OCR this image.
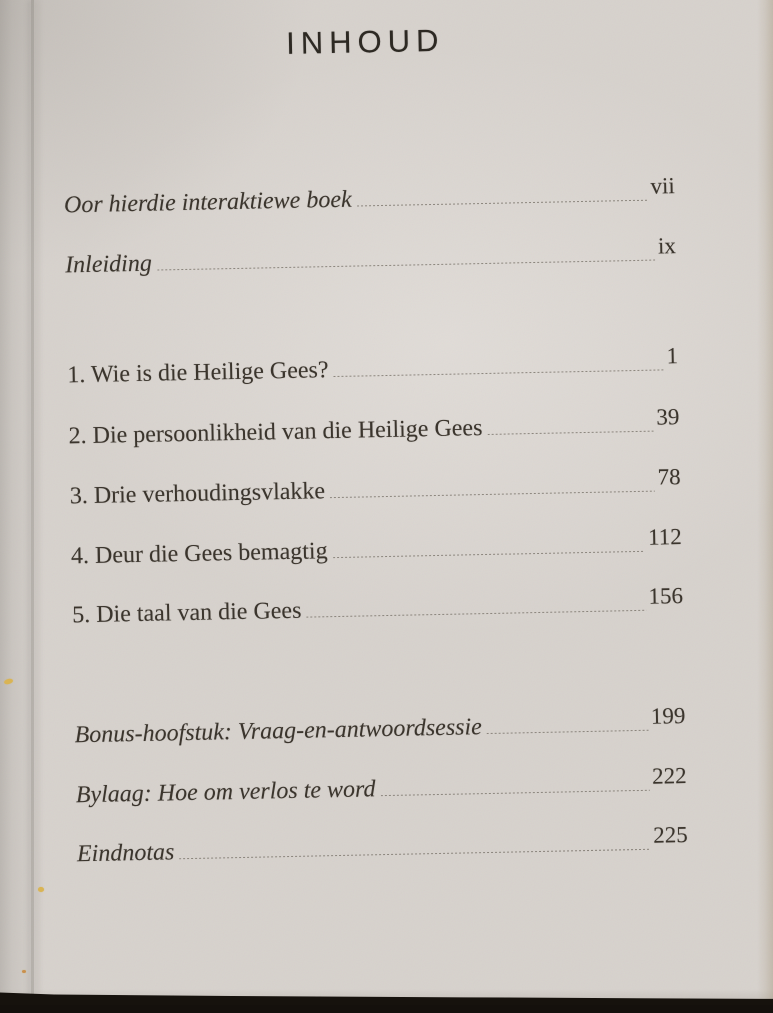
INHOUD
Oor hierdie interaktiewe boek
vii
Inleiding
ix
1. Wie is die Heilige Gees?
1
2. Die persoonlikheid van die Heilige Gees	39
3. Drie verhoudingsvlakke
78
4. Deur die Gees bemagtig
112
5. Die taal van die Gees
156
Bonus-hoofstuk: Vraag-en-antwoordsessie	199
Bylaag: Hoe om verlos te word
222
Eindnotas
225
